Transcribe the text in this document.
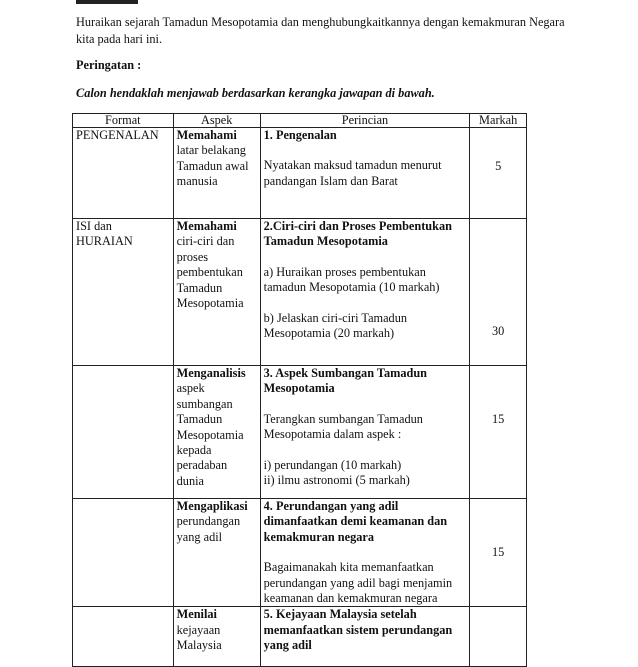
Huraikan sejarah Tamadun Mesopotamia dan menghubungkaitkannya dengan kemakmuran Negara kita pada hari ini.
Peringatan :
Calon hendaklah menjawab berdasarkan kerangka jawapan di bawah.
Format	Aspek	Perincian	Markah
PENGENALAN	Memahami latar belakang Tamadun awal manusia	1. Pengenalan
Nyatakan maksud tamadun menurut pandangan Islam dan Barat	5

ISI dan HURAIAN	Memahami ciri-ciri dan proses pembentukan Tamadun Mesopotamia	2.Ciri-ciri dan Proses Pembentukan Tamadun Mesopotamia
a) Huraikan proses pembentukan tamadun Mesopotamia (10 markah)
b) Jelaskan ciri-ciri Tamadun Mesopotamia (20 markah)	30

	Menganalisis aspek sumbangan Tamadun Mesopotamia kepada peradaban dunia	3. Aspek Sumbangan Tamadun Mesopotamia
Terangkan sumbangan Tamadun Mesopotamia dalam aspek :
i) perundangan (10 markah)
ii) ilmu astronomi (5 markah)	15

	Mengaplikasi perundangan yang adil	4. Perundangan yang adil dimanfaatkan demi keamanan dan kemakmuran negara
Bagaimanakah kita memanfaatkan perundangan yang adil bagi menjamin keamanan dan kemakmuran negara	15

	Menilai kejayaan Malaysia	5. Kejayaan Malaysia setelah memanfaatkan sistem perundangan yang adil	
